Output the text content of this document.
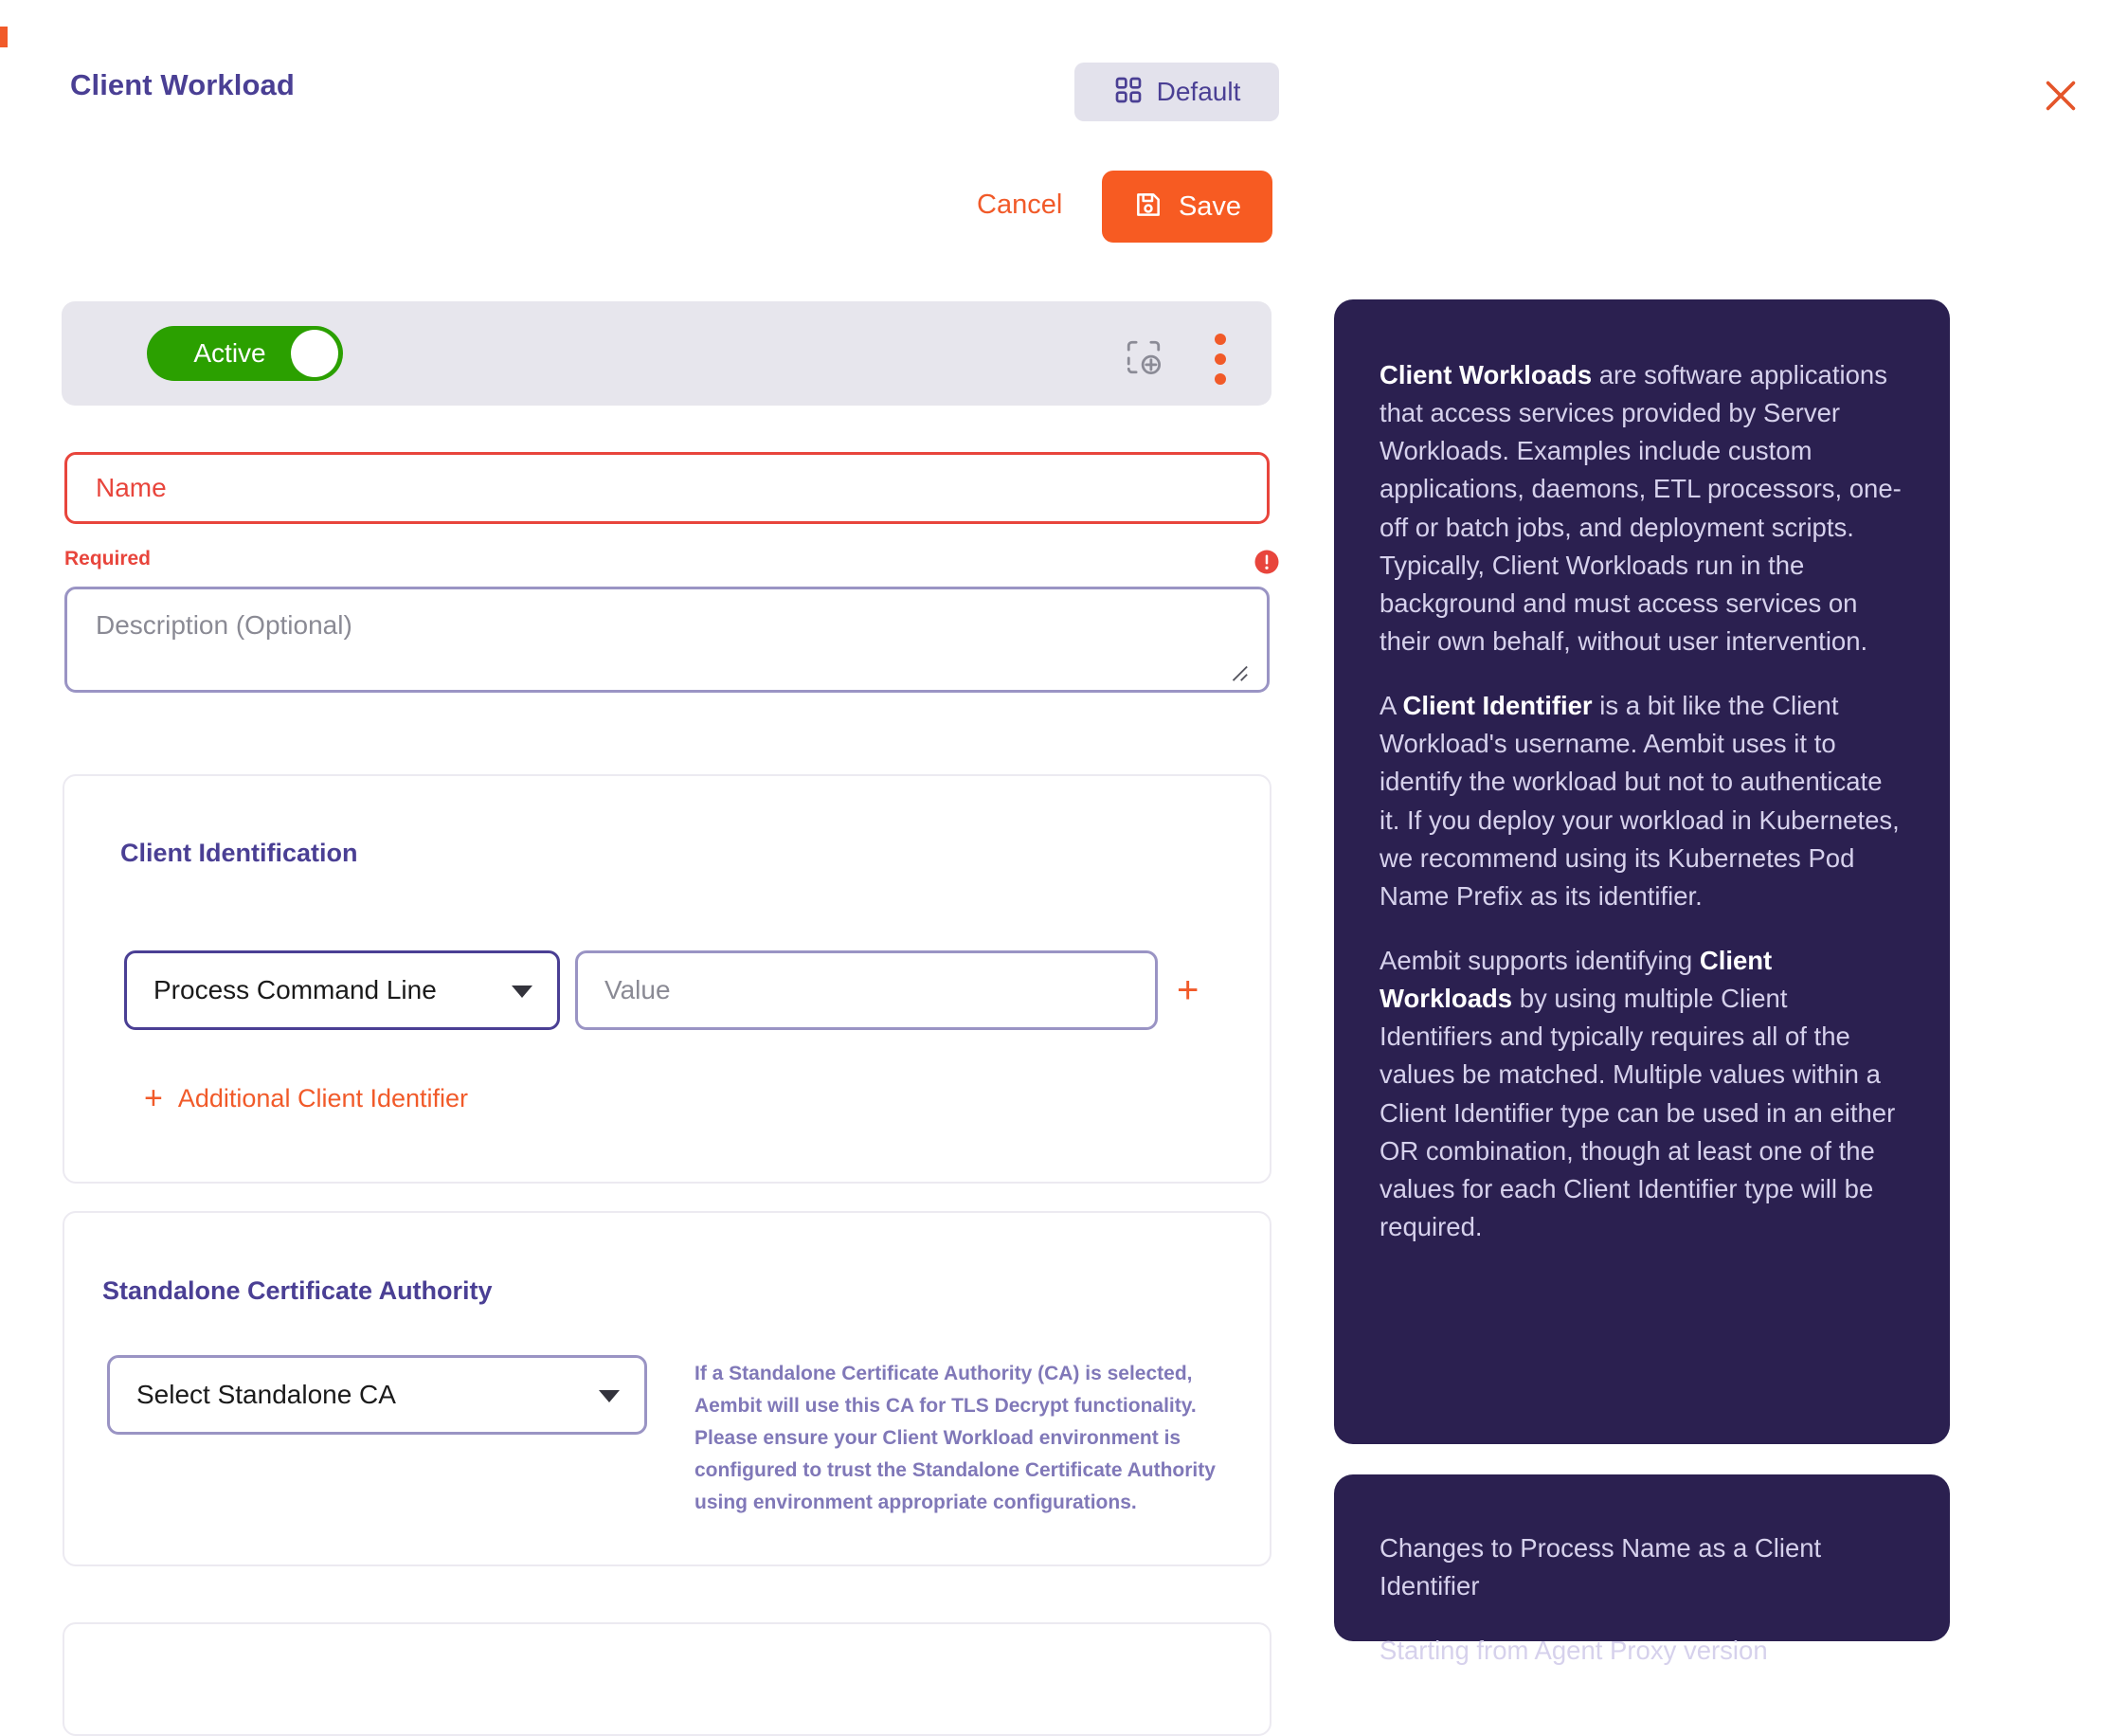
Client Workload	Default
Cancel	Save
Active
Name
Required
Description (Optional)
Client Identification
Process Command Line
Value	+
+ Additional Client Identifier
Standalone Certificate Authority
Select Standalone CA
If a Standalone Certificate Authority (CA) is selected, Aembit will use this CA for TLS Decrypt functionality. Please ensure your Client Workload environment is configured to trust the Standalone Certificate Authority using environment appropriate configurations.

Client Workloads are software applications that access services provided by Server Workloads. Examples include custom applications, daemons, ETL processors, one-off or batch jobs, and deployment scripts. Typically, Client Workloads run in the background and must access services on their own behalf, without user intervention.

A Client Identifier is a bit like the Client Workload's username. Aembit uses it to identify the workload but not to authenticate it. If you deploy your workload in Kubernetes, we recommend using its Kubernetes Pod Name Prefix as its identifier.

Aembit supports identifying Client Workloads by using multiple Client Identifiers and typically requires all of the values be matched. Multiple values within a Client Identifier type can be used in an either OR combination, though at least one of the values for each Client Identifier type will be required.

Changes to Process Name as a Client Identifier

Starting from Agent Proxy version
